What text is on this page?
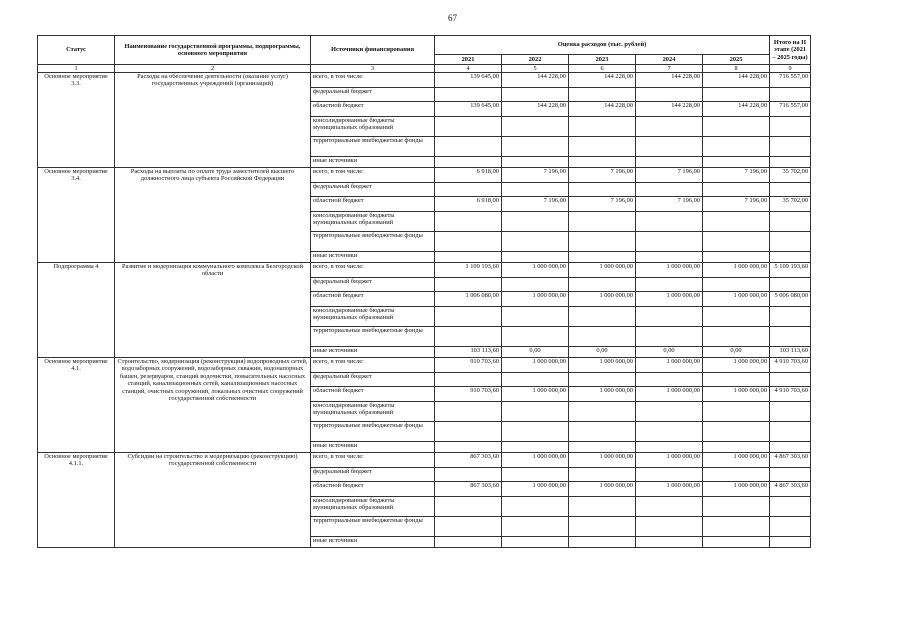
67
Статус	Наименование государственной программы, подпрограммы, основного мероприятия	Источники финансирования	Оценка расходов (тыс. рублей)					Итого на II этапе (2021 – 2025 годы)
			2021	2022	2023	2024	2025	
1	2	3	4	5	6	7	8	9
Основное мероприятие 3.3.	Расходы на обеспечение деятельности (оказание услуг) государственных учреждений (организаций)	всего, в том числе:	139 645,00	144 228,00	144 228,00	144 228,00	144 228,00	716 557,00
		федеральный бюджет						
		областной бюджет	139 645,00	144 228,00	144 228,00	144 228,00	144 228,00	716 557,00
		консолидированные бюджеты муниципальных образований						
		территориальные внебюджетные фонды						
		иные источники						
Основное мероприятие 3.4.	Расходы на выплаты по оплате труда заместителей высшего должностного лица субъекта Российской Федерации	всего, в том числе:	6 918,00	7 196,00	7 196,00	7 196,00	7 196,00	35 702,00
		федеральный бюджет						
		областной бюджет	6 918,00	7 196,00	7 196,00	7 196,00	7 196,00	35 702,00
		консолидированные бюджеты муниципальных образований						
		территориальные внебюджетные фонды						
		иные источники						
Подпрограмма 4	Развитие и модернизация коммунального комплекса Белгородской области	всего, в том числе:	1 109 193,60	1 000 000,00	1 000 000,00	1 000 000,00	1 000 000,00	5 109 193,60
		федеральный бюджет						
		областной бюджет	1 006 080,00	1 000 000,00	1 000 000,00	1 000 000,00	1 000 000,00	5 006 080,00
		консолидированные бюджеты муниципальных образований						
		территориальные внебюджетные фонды						
		иные источники	103 113,60	0,00	0,00	0,00	0,00	103 113,60
Основное мероприятие 4.1.	Строительство, модернизация (реконструкция) водопроводных сетей, водозаборных сооружений, водозаборных скважин, водонапорных башен, резервуаров, станций водочистки, повысительных насосных станций, канализационных сетей, канализационных насосных станций, очистных сооружений, локальных очистных сооружений государственной собственности	всего, в том числе:	910 703,60	1 000 000,00	1 000 000,00	1 000 000,00	1 000 000,00	4 910 703,60
		федеральный бюджет						
		областной бюджет	910 703,60	1 000 000,00	1 000 000,00	1 000 000,00	1 000 000,00	4 910 703,60
		консолидированные бюджеты муниципальных образований						
		территориальные внебюджетные фонды						
		иные источники						
Основное мероприятие 4.1.1.	Субсидии на строительство и модернизацию (реконструкцию) государственной собственности	всего, в том числе:	867 303,60	1 000 000,00	1 000 000,00	1 000 000,00	1 000 000,00	4 867 303,60
		федеральный бюджет						
		областной бюджет	867 303,60	1 000 000,00	1 000 000,00	1 000 000,00	1 000 000,00	4 867 303,60
		консолидированные бюджеты муниципальных образований						
		территориальные внебюджетные фонды						
		иные источники						
